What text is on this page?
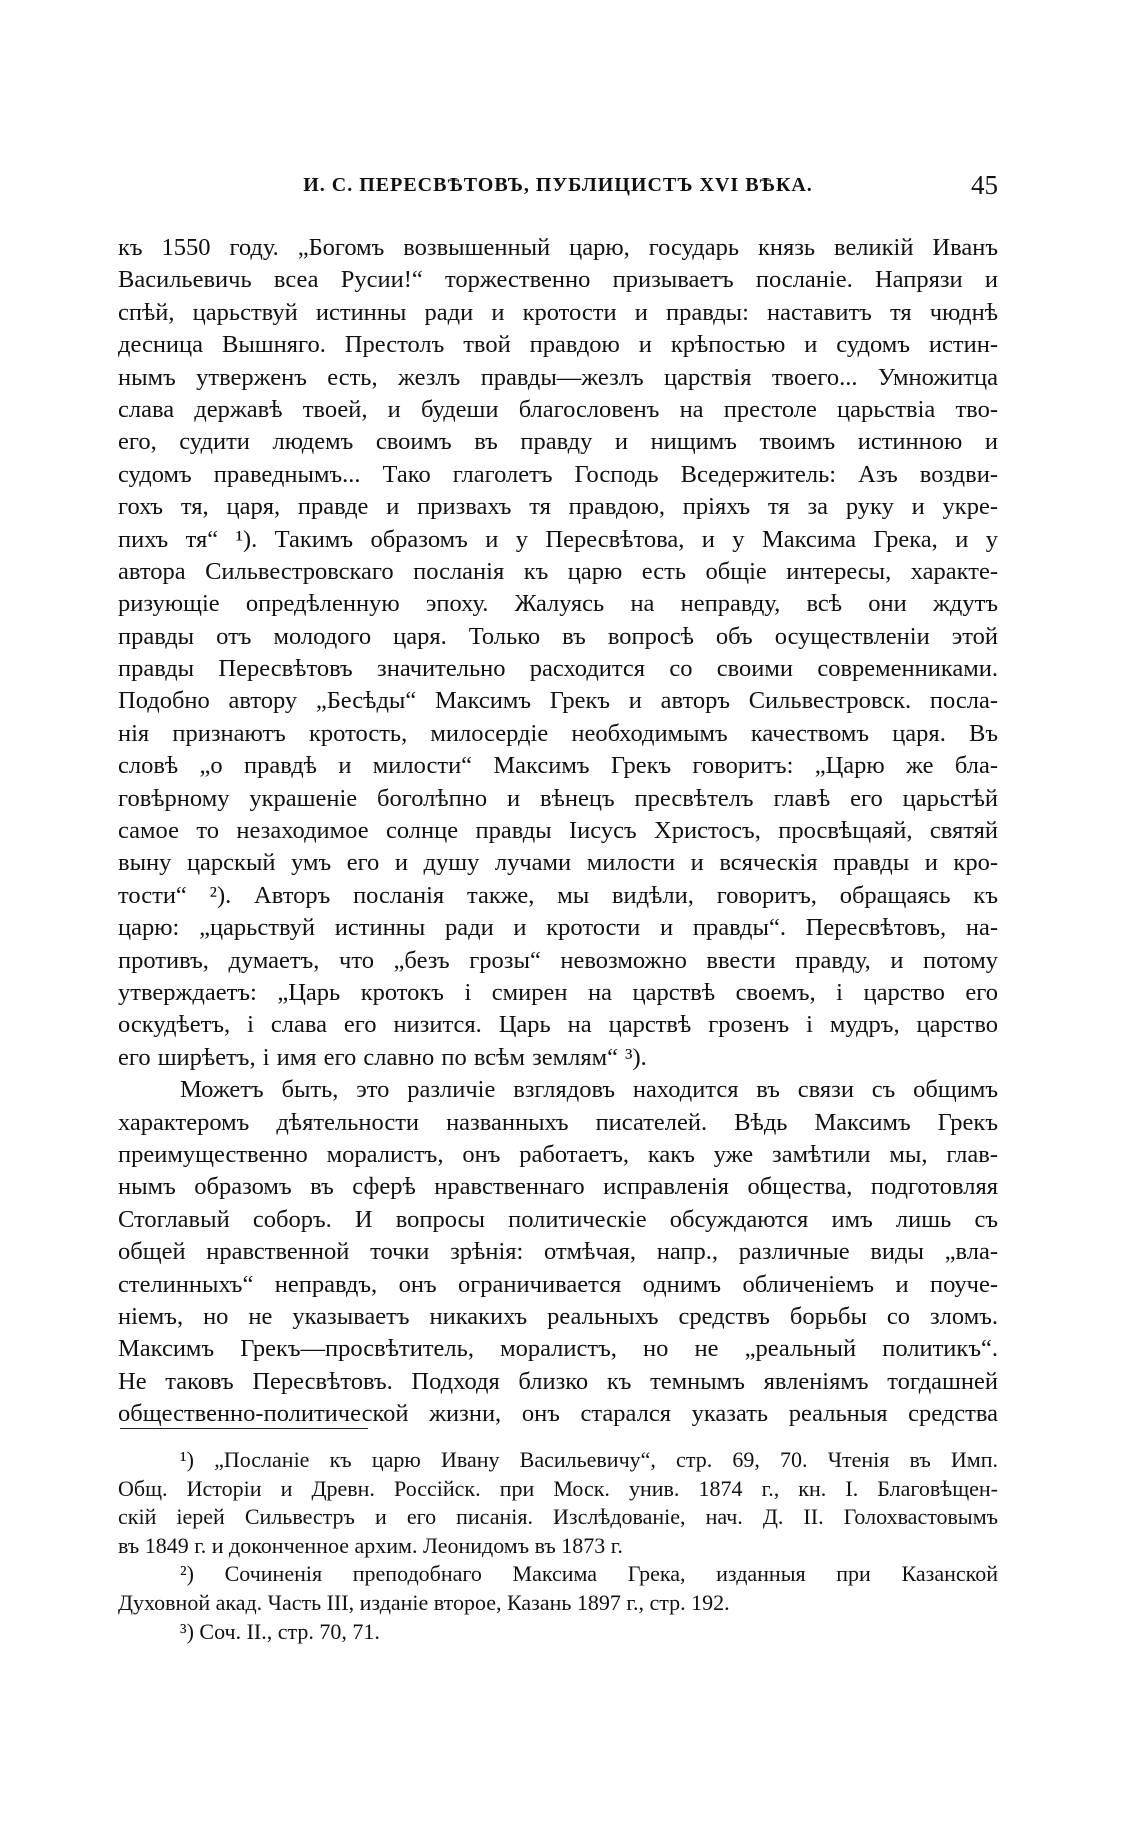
И. С. ПЕРЕСВѢТОВЪ, ПУБЛИЦИСТЪ XVI ВѢКА.	45
къ 1550 году. „Богомъ возвышенный царю, государь князь великій Иванъ
Васильевичь всеа Русии!“ торжественно призываетъ посланіе. Напрязи и
спѣй, царьствуй истинны ради и кротости и правды: наставитъ тя чюднѣ
десница Вышняго. Престолъ твой правдою и крѣпостью и судомъ истин-
нымъ утверженъ есть, жезлъ правды—жезлъ царствія твоего... Умножитца
слава державѣ твоей, и будеши благословенъ на престоле царьствіа тво-
его, судити людемъ своимъ въ правду и нищимъ твоимъ истинною и
судомъ праведнымъ... Тако глаголетъ Господь Вседержитель: Азъ воздви-
гохъ тя, царя, правде и призвахъ тя правдою, пріяхъ тя за руку и укре-
пихъ тя“ ¹). Такимъ образомъ и у Пересвѣтова, и у Максима Грека, и у
автора Сильвестровскаго посланія къ царю есть общіе интересы, характе-
ризующіе опредѣленную эпоху. Жалуясь на неправду, всѣ они ждутъ
правды отъ молодого царя. Только въ вопросѣ объ осуществленіи этой
правды Пересвѣтовъ значительно расходится со своими современниками.
Подобно автору „Бесѣды“ Максимъ Грекъ и авторъ Сильвестровск. посла-
нія признаютъ кротость, милосердіе необходимымъ качествомъ царя. Въ
словѣ „о правдѣ и милости“ Максимъ Грекъ говоритъ: „Царю же бла-
говѣрному украшеніе боголѣпно и вѣнецъ пресвѣтелъ главѣ его царьстѣй
самое то незаходимое солнце правды Іисусъ Христосъ, просвѣщаяй, святяй
выну царскый умъ его и душу лучами милости и всяческія правды и кро-
тости“ ²). Авторъ посланія также, мы видѣли, говоритъ, обращаясь къ
царю: „царьствуй истинны ради и кротости и правды“. Пересвѣтовъ, на-
противъ, думаетъ, что „безъ грозы“ невозможно ввести правду, и потому
утверждаетъ: „Царь кротокъ і смирен на царствѣ своемъ, і царство его
оскудѣетъ, і слава его низится. Царь на царствѣ грозенъ і мудръ, царство
его ширѣетъ, і имя его славно по всѣм землям“ ³).
Можетъ быть, это различіе взглядовъ находится въ связи съ общимъ
характеромъ дѣятельности названныхъ писателей. Вѣдь Максимъ Грекъ
преимущественно моралистъ, онъ работаетъ, какъ уже замѣтили мы, глав-
нымъ образомъ въ сферѣ нравственнаго исправленія общества, подготовляя
Стоглавый соборъ. И вопросы политическіе обсуждаются имъ лишь съ
общей нравственной точки зрѣнія: отмѣчая, напр., различные виды „вла-
стелинныхъ“ неправдъ, онъ ограничивается однимъ обличеніемъ и поуче-
ніемъ, но не указываетъ никакихъ реальныхъ средствъ борьбы со зломъ.
Максимъ Грекъ—просвѣтитель, моралистъ, но не „реальный политикъ“.
Не таковъ Пересвѣтовъ. Подходя близко къ темнымъ явленіямъ тогдашней
общественно-политической жизни, онъ старался указать реальныя средства
¹) „Посланіе къ царю Ивану Васильевичу“, стр. 69, 70. Чтенія въ Имп.
Общ. Исторіи и Древн. Россійск. при Моск. унив. 1874 г., кн. I. Благовѣщен-
скій іерей Сильвестръ и его писанія. Изслѣдованіе, нач. Д. II. Голохвастовымъ
въ 1849 г. и доконченное архим. Леонидомъ въ 1873 г.
²) Сочиненія преподобнаго Максима Грека, изданныя при Казанской
Духовной акад. Часть III, изданіе второе, Казань 1897 г., стр. 192.
³) Соч. II., стр. 70, 71.
